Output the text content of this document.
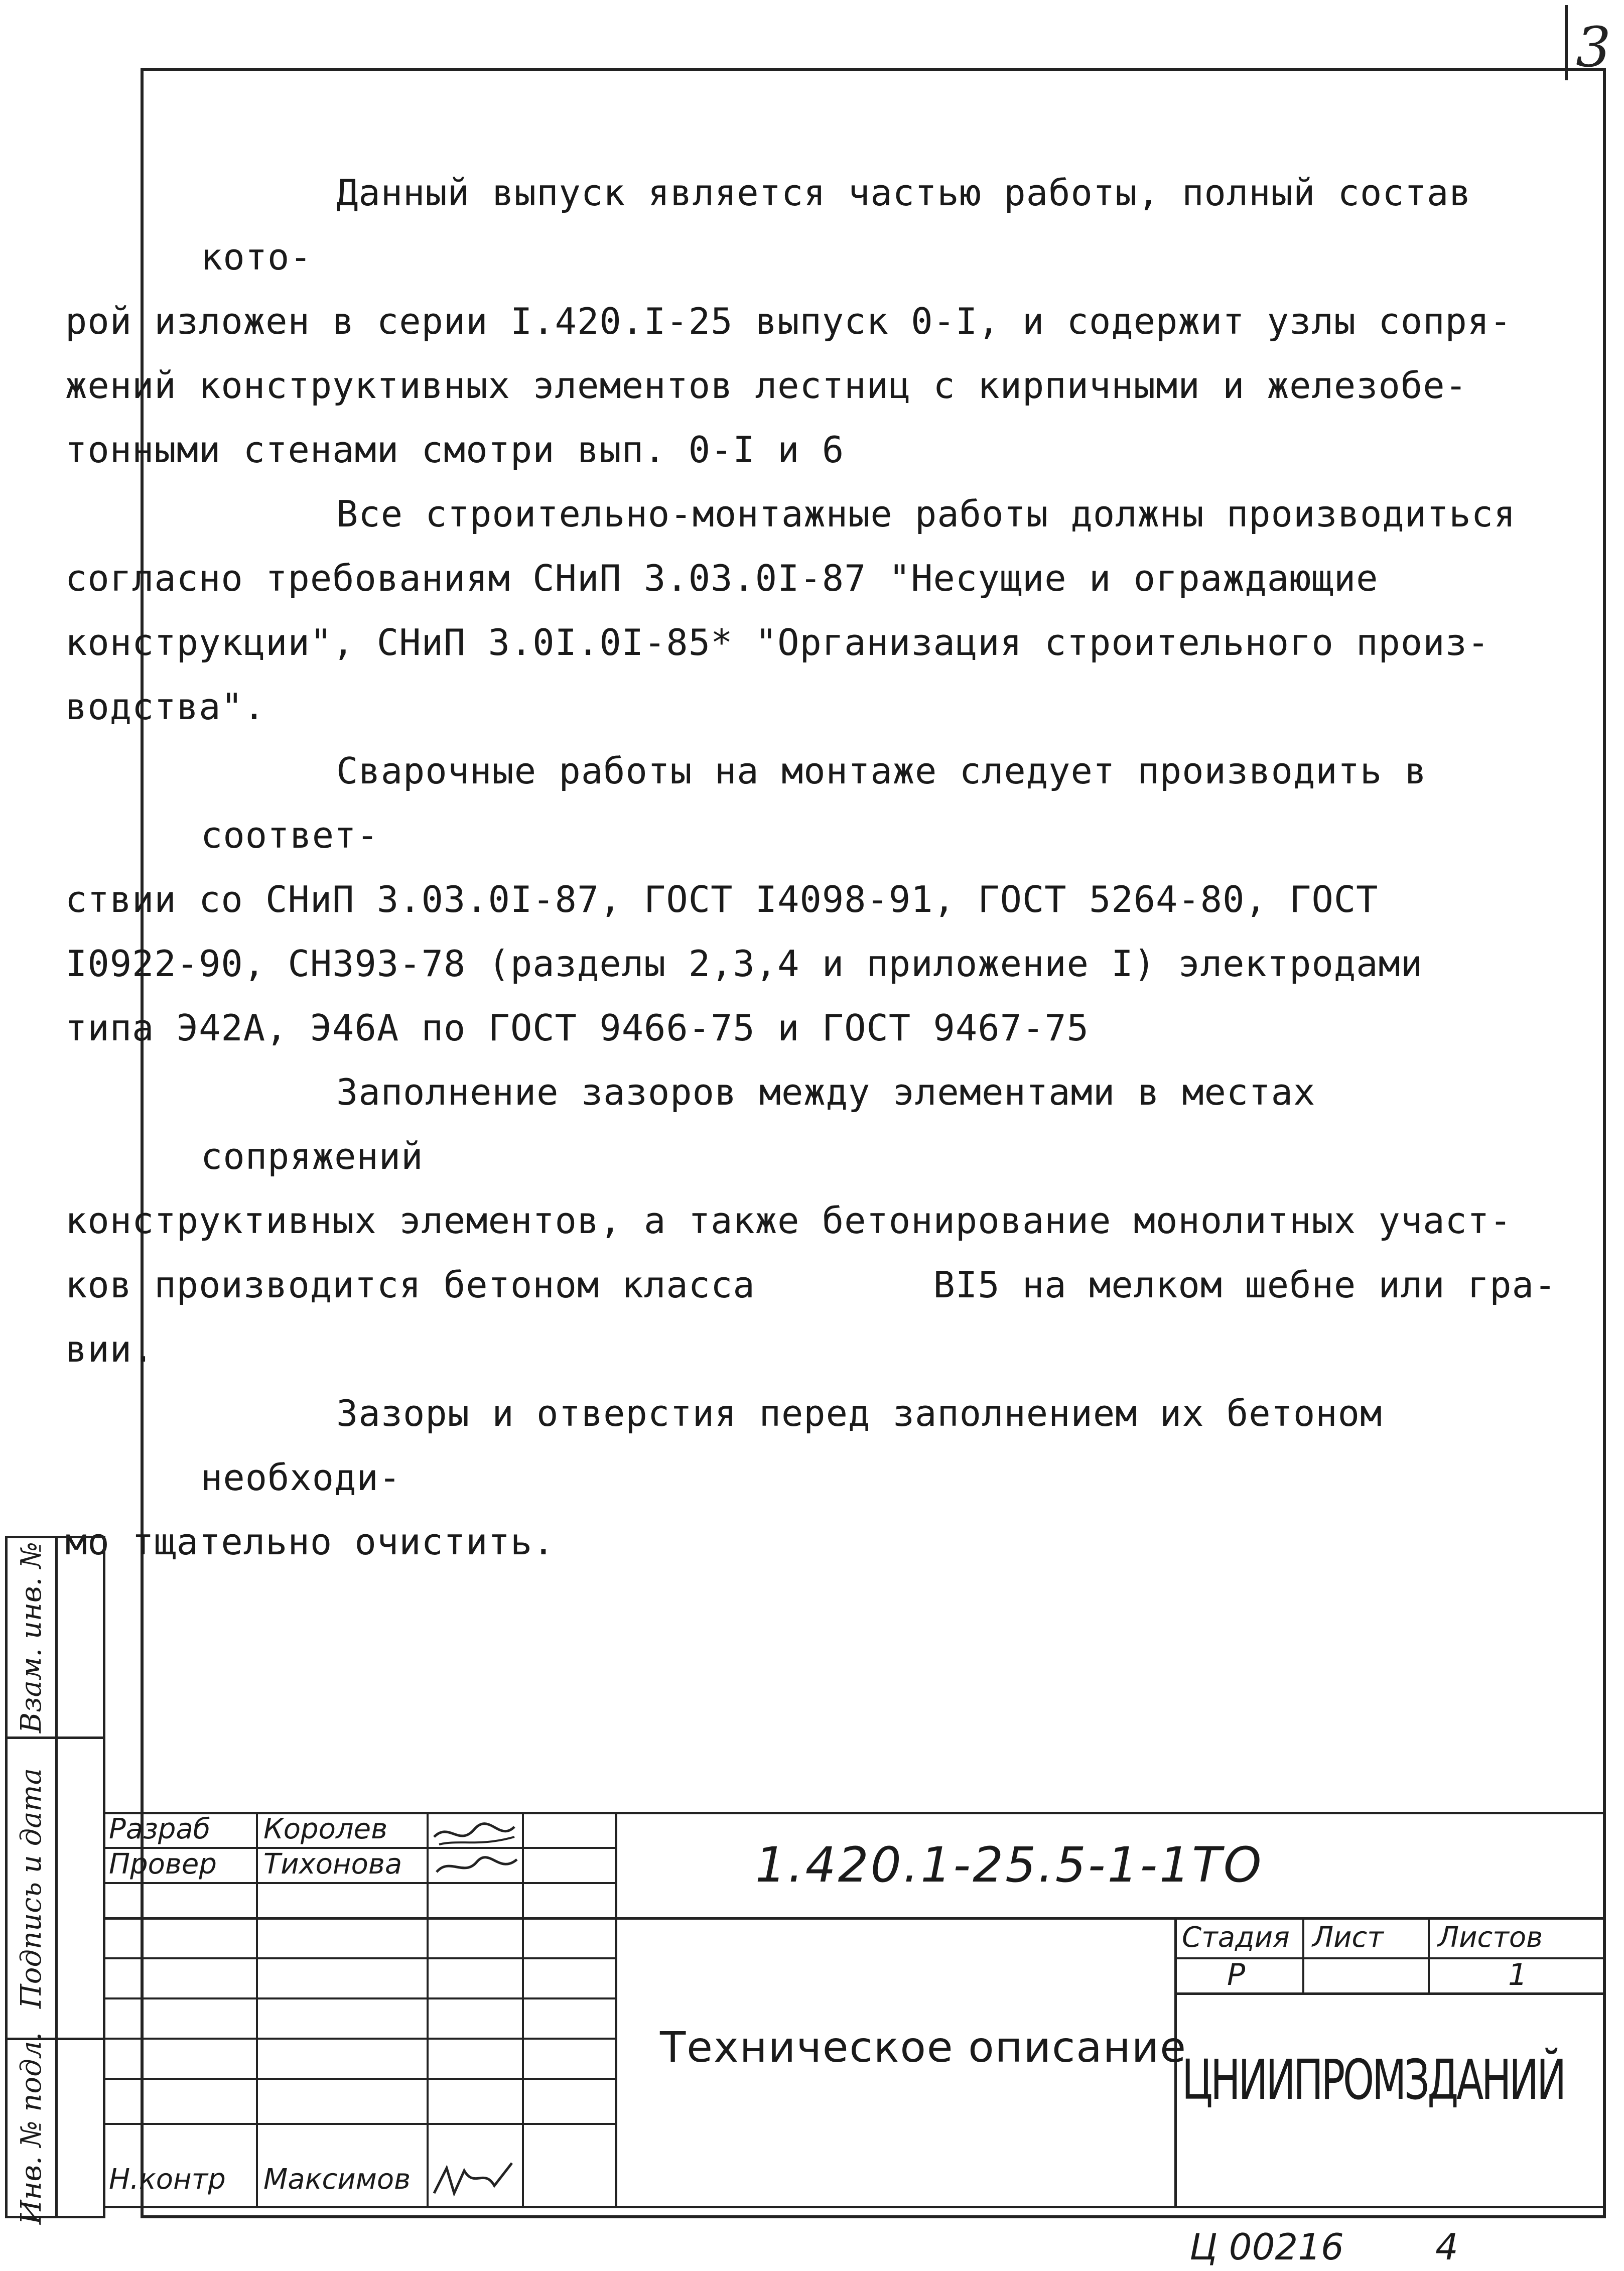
3
Данный выпуск является частью работы, полный состав кото-
рой изложен в серии I.420.I-25 выпуск 0-I, и содержит узлы сопря-
жений конструктивных элементов лестниц с кирпичными и железобе-
тонными стенами смотри вып. 0-I и 6
Все строительно-монтажные работы должны производиться
согласно требованиям СНиП 3.03.0I-87 "Несущие и ограждающие
конструкции", СНиП 3.0I.0I-85* "Организация строительного произ-
водства".
Сварочные работы на монтаже следует производить в соответ-
ствии со СНиП 3.03.0I-87, ГОСТ I4098-91, ГОСТ 5264-80, ГОСТ
I0922-90, СН393-78 (разделы 2,3,4 и приложение I) электродами
типа Э42А, Э46А по ГОСТ 9466-75 и ГОСТ 9467-75
Заполнение зазоров между элементами в местах сопряжений
конструктивных элементов, а также бетонирование монолитных участ-
ков производится бетоном класса        BI5 на мелком шебне или гра-
вии.
Зазоры и отверстия перед заполнением их бетоном необходи-
мо тщательно очистить.
Взам. инв. №
Подпись и дата
Инв. № подл.
Разраб Королев
Провер Тихонова
Н.контр Максимов
1.420.1-25.5-1-1ТО
Техническое описание
Стадия Лист Листов
Р	1
ЦНИИПРОМЗДАНИЙ
Ц 00216	4
